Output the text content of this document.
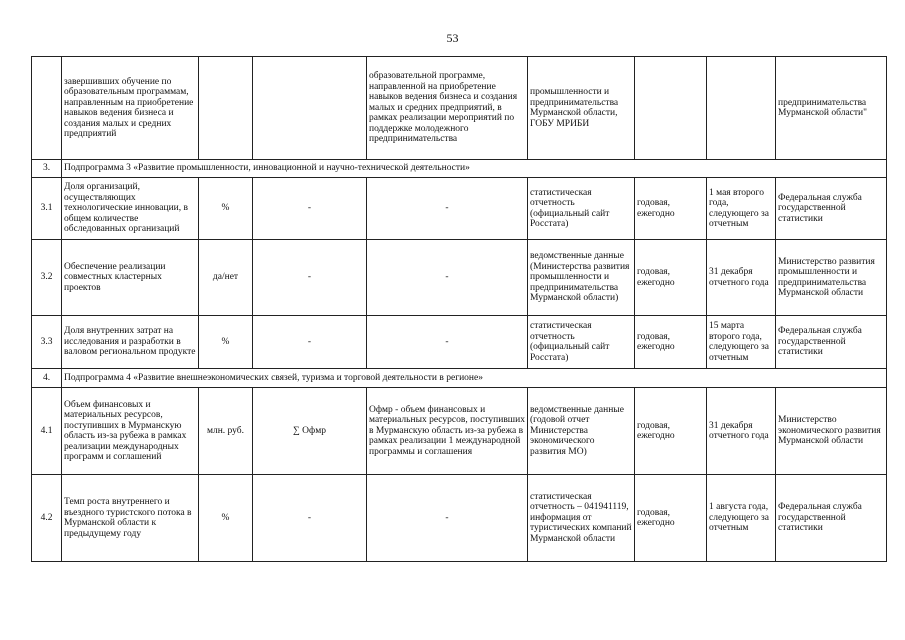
53
	завершивших обучение по образовательным программам, направленным на приобретение навыков ведения бизнеса и создания малых и средних предприятий			образовательной программе, направленной на приобретение навыков ведения бизнеса и создания малых и средних предприятий, в рамках реализации мероприятий по поддержке молодежного предпринимательства	промышленности и предпринимательства Мурманской области, ГОБУ МРИБИ			предпринимательства Мурманской области"
3.	Подпрограмма 3 «Развитие промышленности, инновационной и научно-технической деятельности»							
3.1	Доля организаций, осуществляющих технологические инновации, в общем количестве обследованных организаций	%	-	-	статистическая отчетность (официальный сайт Росстата)	годовая, ежегодно	1 мая второго года, следующего за отчетным	Федеральная служба государственной статистики
3.2	Обеспечение реализации совместных кластерных проектов	да/нет	-	-	ведомственные данные (Министерства развития промышленности и предпринимательства Мурманской области)	годовая, ежегодно	31 декабря отчетного года	Министерство развития промышленности и предпринимательства Мурманской области
3.3	Доля внутренних затрат на исследования и разработки в валовом региональном продукте	%	-	-	статистическая отчетность (официальный сайт Росстата)	годовая, ежегодно	15 марта второго года, следующего за отчетным	Федеральная служба государственной статистики
4.	Подпрограмма 4 «Развитие внешнеэкономических связей, туризма и торговой деятельности в регионе»							
4.1	Объем финансовых и материальных ресурсов, поступивших в Мурманскую область из-за рубежа в рамках реализации международных программ и соглашений	млн. руб.	∑ Офмр	Офмр - объем финансовых и материальных ресурсов, поступивших в Мурманскую область из-за рубежа в рамках реализации 1 международной программы и соглашения	ведомственные данные (годовой отчет Министерства экономического развития МО)	годовая, ежегодно	31 декабря отчетного года	Министерство экономического развития Мурманской области
4.2	Темп роста внутреннего и въездного туристского потока в Мурманской области к предыдущему году	%	-	-	статистическая отчетность – 041941119, информация от туристических компаний Мурманской области	годовая, ежегодно	1 августа года, следующего за отчетным	Федеральная служба государственной статистики
